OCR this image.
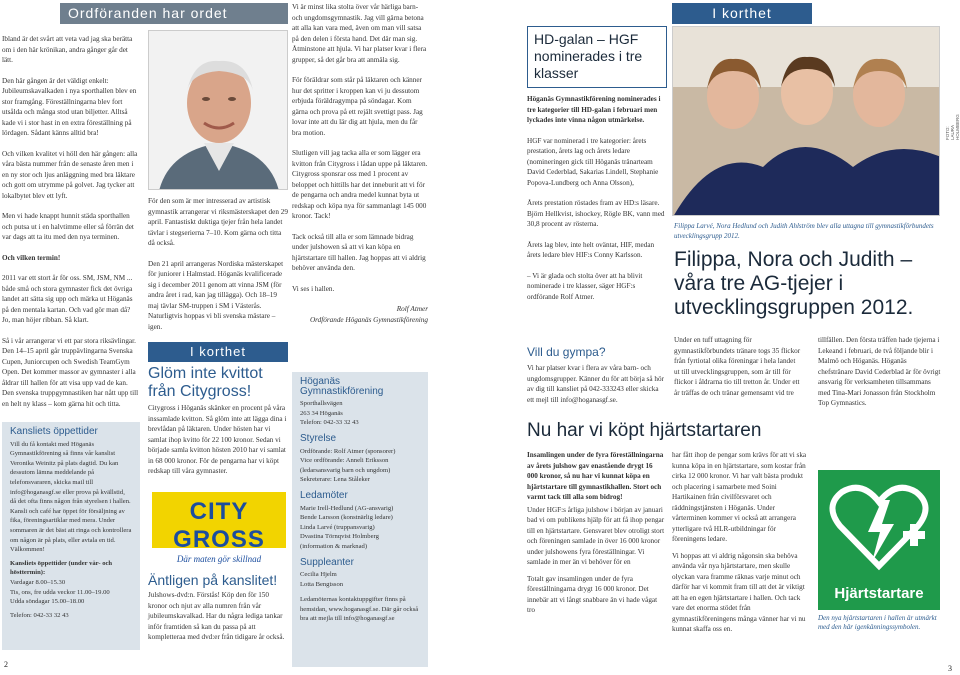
Ordföranden har ordet

Ibland är det svårt att veta vad jag ska berätta om i den här krönikan, andra gånger går det lätt.

Den här gången är det väldigt enkelt: Jubileumskavalkaden i nya sporthallen blev en stor framgång. Föreställningarna blev fort utsålda och många stod utan biljetter. Alltså kade vi i stor hast in en extra föreställning på lördagen. Sådant känns alltid bra!

Och vilken kvalitet vi höll den här gången: alla våra bästa nummer från de senaste åren men i en ny stor och ljus anläggning med bra läktare och gott om utrymme på golvet. Jag tycker att lokalbytet blev ett lyft.

Men vi hade knappt hunnit städa sporthallen och putsa ut i en halvtimme eller så förrän det var dags att ta itu med den nya terminen.

Och vilken termin!

2011 var ett stort år för oss. SM, JSM, NM ... både små och stora gymnaster fick det övriga landet att sätta sig upp och märka ut Höganäs på den mentala kartan. Och vad gör man då? Jo, man höjer ribban. Så klart.

Så i vår arrangerar vi ett par stora riksävlingar. Den 14–15 april går truppävlingarna Svenska Cupen, Juniorcupen och Swedish TeamGym Open. Det kommer massor av gymnaster i alla åldrar till hallen för att visa upp vad de kan. Den svenska truppgymnastiken har nått upp till en helt ny klass – kom gärna hit och titta.

Kansliets öppettider
Vill du få kontakt med Höganäs Gymnastikförening så finns vår kanslist Veronika Weinitz på plats dagtid. Du kan dessutom lämna meddelande på telefonsvararen, skicka mail till info@hoganasgf.se eller prova på kvällstid, då det ofta finns någon från styrelsen i hallen. Kansli och café har öppet för försäljning av fika, föreningsartiklar med mera. Under sommaren är det bäst att ringa och kontrollera om någon är på plats, eller avtala en tid. Välkommen!
Kansliets öppettider (under vår- och hösttermin):
Vardagar 8.00–15.30
Tis, ons, fre udda veckor 11.00–19.00
Udda söndagar 15.00–18.00
Telefon: 042-33 32 43
2

För den som är mer intresserad av artistisk gymnastik arrangerar vi riksmästerskapet den 29 april. Fantastiskt duktiga tjejer från hela landet tävlar i stegserierna 7–10. Kom gärna och titta då också.

Den 21 april arrangeras Nordiska mästerskapet för juniorer i Halmstad. Höganäs kvalificerade sig i december 2011 genom att vinna JSM (för andra året i rad, kan jag tillägga). Och 18–19 maj tävlar SM-truppen i SM i Västerås. Naturligtvis hoppas vi bli svenska mästare – igen.

I korthet
Glöm inte kvittot från Citygross!
Citygross i Höganäs skänker en procent på våra inssamlade kvitton. Så glöm inte att lägga dina i brevlådan på läktaren. Under hösten har vi samlat ihop kvitto för 22 100 kronor. Sedan vi började samla kvitton hösten 2010 har vi samlat in 68 000 kronor. För de pengarna har vi köpt redskap till våra gymnaster.
CITY GROSS
Där maten gör skillnad
Äntligen på kanslitet!
Julshows-dvd:n. Förstås! Köp den för 150 kronor och njut av alla numren från vår jubileumskavalkad. Har du några lediga tankar inför framtiden så kan du passa på att kompletteraa med dvd:er från tidigare år också.

Vi är minst lika stolta över vår härliga barn- och ungdomsgymnastik. Jag vill gärna betona att alla kan vara med, även om man vill satsa på den delen i första hand. Det där man sig. Åtminstone att hjula. Vi har platser kvar i flera grupper, så det går bra att anmäla sig.

För föräldrar som står på läktaren och känner hur det spritter i kroppen kan vi ju dessutom erbjuda föräldragympa på söndagar. Kom gärna och prova på ett rejält svettigt pass. Jag lovar inte att du lär dig att hjula, men du får bra motion.

Slutligen vill jag tacka alla er som lägger era kvitton från Citygross i lådan uppe på läktaren. Citygross sponsrar oss med 1 procent av beloppet och hittills har det inneburit att vi för de pengarna och andra medel kunnat byta ut redskap och köpa nya för sammanlagt 145 000 kronor. Tack!

Tack också till alla er som lämnade bidrag under julshowen så att vi kan köpa en hjärtstartare till hallen. Jag hoppas att vi aldrig behöver använda den.

Vi ses i hallen.

Rolf Atmer
Ordförande Höganäs Gymnastikförening
Höganäs Gymnastikförening
Sporthallsvägen
263 34 Höganäs
Telefon: 042-33 32 43
Styrelse
Ordförande: Rolf Atmer (sponsorer)
Vice ordförande: Anneli Eriksson
(ledarsansvarig barn och ungdom)
Sekreterare: Lena Ståleker
Ledamöter
Marie Irell-Hedlund (AG-ansvarig)
Bende Larsson (konstnärlig ledare)
Linda Larvé (truppansvarig)
Dvastina Törnqvist Holmberg
(information & marknad)
Suppleanter
Cecilia Hjelm
Lotta Bengtsson
Ledamöternas kontaktuppgifter finns på hemsidan, www.hoganasgf.se. Där går också bra att mejla till info@hoganasgf.se
HD-galan – HGF nominerades i tre klasser

Höganäs Gymnastikförening nominerades i tre kategorier till HD-galan i februari men lyckades inte vinna någon utmärkelse.

HGF var nominerad i tre kategorier: årets prestation, årets lag och årets ledare (nomineringen gick till Höganäs tränarteam David Cederblad, Sakarias Lindell, Stephanie Popova-Lundberg och Anna Olsson),

Årets prestation röstades fram av HD:s läsare. Björn Hellkvist, ishockey, Rögle BK, vann med 30,8 procent av rösterna.

Årets lag blev, inte helt oväntat, HIF, medan årets ledare blev HIF:s Conny Karlsson.

– Vi är glada och stolta över att ha blivit nominerade i tre klasser, säger HGF:s ordförande Rolf Atmer.

Vill du gympa?
Vi har platser kvar i flera av våra barn- och ungdomsgrupper. Känner du för att börja så hör av dig till kansliet på 042-333243 eller skicka ett mejl till info@hoganasgf.se.
I korthet
FOTO: LAURA HOLMBERG
Filippa Larvé, Nora Hedlund och Judith Ahlström blev alla uttagna till gymnastikförbundets utvecklingsgrupp 2012.
Filippa, Nora och Judith – våra tre AG-tjejer i utvecklingsgruppen 2012.
Under en tuff uttagning för gymnastikförbundets tränare togs 35 flickor från fyrtiotal olika föreningar i hela landet ut till utvecklingsgruppen, som är till för flickor i åldrarna tio till tretton år. Under ett år träffas de och tränar gemensamt vid tre
tillfällen. Den första träffen hade tjejerna i Lekeand i februari, de två följande blir i Malmö och Höganäs. Höganäs chefstränare David Cederblad är för övrigt ansvarig för verksamheten tillsammans med Tina-Mari Jonasson från Stockholm Top Gymnastics.
Nu har vi köpt hjärtstartaren

Insamlingen under de fyra föreställningarna av årets julshow gav enastående drygt 16 000 kronor, så nu har vi kunnat köpa en hjärtstartare till gymnastikhallen. Stort och varmt tack till alla som bidrog!

Under HGF:s årliga julshow i början av januari bad vi om publikens hjälp för att få ihop pengar till en hjärtstartare. Gensvaret blev otroligt stort och föreningen samlade in över 16 000 kronor under julshowens fyra föreställningar. Vi samlade in mer än vi behöver för en

Totalt gav insamlingen under de fyra föreställningarna drygt 16 000 kronor. Det innebär att vi långt snabbare än vi hade vågat tro

har fått ihop de pengar som krävs för att vi ska kunna köpa in en hjärtstartare, som kostar från cirka 12 000 kronor. Vi har valt bästa produkt och placering i samarbete med Soini Hartikainen från civilförsvaret och räddningstjänsten i Höganäs. Under vårterminen kommer vi också att arrangera ytterligare två HLR-utbildningar för föreningens ledare.

Vi hoppas att vi aldrig någonsin ska behöva använda vår nya hjärtstartare, men skulle olyckan vara framme räknas varje minut och därför har vi kommit fram till att det är viktigt att ha en egen hjärtstartare i hallen. Och tack vare det enorma stödet från gymnastikföreningens många vänner har vi nu kunnat skaffa oss en.

Hjärtstartare
Den nya hjärtstartaren i hallen är utmärkt med den här igenkänningssymbolen.
3
